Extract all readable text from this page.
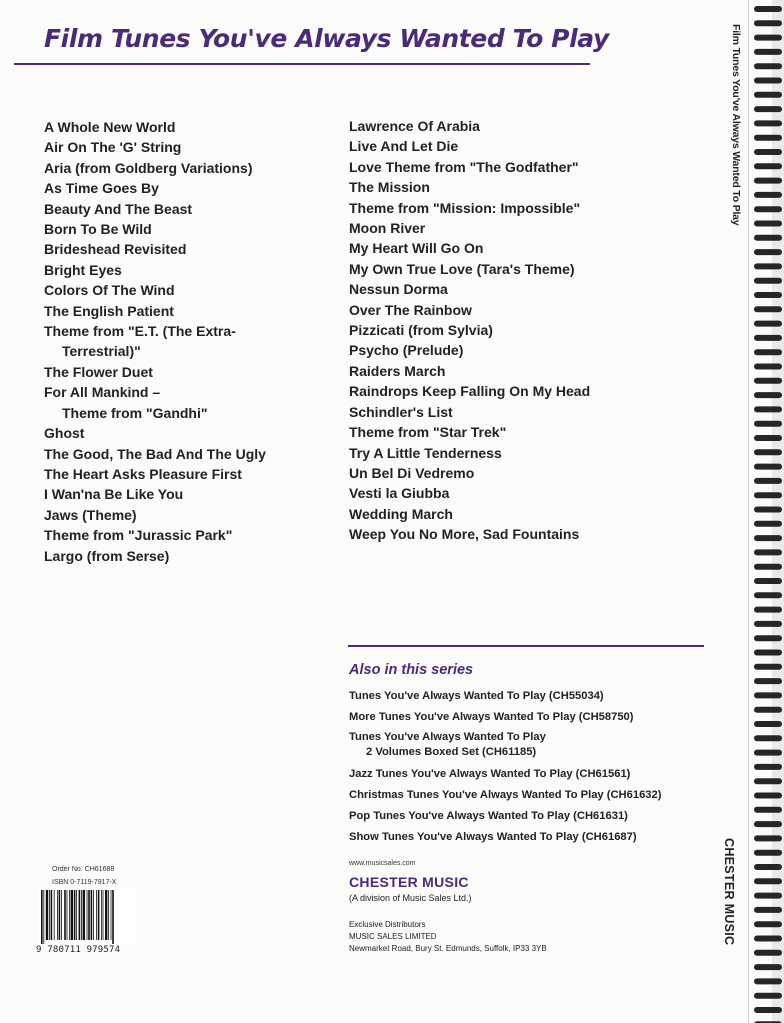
Film Tunes You've Always Wanted To Play
A Whole New World
Air On The 'G' String
Aria (from Goldberg Variations)
As Time Goes By
Beauty And The Beast
Born To Be Wild
Brideshead Revisited
Bright Eyes
Colors Of The Wind
The English Patient
Theme from "E.T. (The Extra-
Terrestrial)"
The Flower Duet
For All Mankind –
Theme from "Gandhi"
Ghost
The Good, The Bad And The Ugly
The Heart Asks Pleasure First
I Wan'na Be Like You
Jaws (Theme)
Theme from "Jurassic Park"
Largo (from Serse)
Lawrence Of Arabia
Live And Let Die
Love Theme from "The Godfather"
The Mission
Theme from "Mission: Impossible"
Moon River
My Heart Will Go On
My Own True Love (Tara's Theme)
Nessun Dorma
Over The Rainbow
Pizzicati (from Sylvia)
Psycho (Prelude)
Raiders March
Raindrops Keep Falling On My Head
Schindler's List
Theme from "Star Trek"
Try A Little Tenderness
Un Bel Di Vedremo
Vesti la Giubba
Wedding March
Weep You No More, Sad Fountains
Also in this series
Tunes You've Always Wanted To Play (CH55034)
More Tunes You've Always Wanted To Play (CH58750)
Tunes You've Always Wanted To Play
2 Volumes Boxed Set (CH61185)
Jazz Tunes You've Always Wanted To Play (CH61561)
Christmas Tunes You've Always Wanted To Play (CH61632)
Pop Tunes You've Always Wanted To Play (CH61631)
Show Tunes You've Always Wanted To Play (CH61687)
www.musicsales.com
CHESTER MUSIC
(A division of Music Sales Ltd.)
Exclusive Distributors
MUSIC SALES LIMITED
Newmarket Road, Bury St. Edmunds, Suffolk, IP33 3YB
Order No. CH61688
ISBN 0-7119-7917-X
9 780711 979574
Film Tunes You've Always Wanted To Play
CHESTER MUSIC
